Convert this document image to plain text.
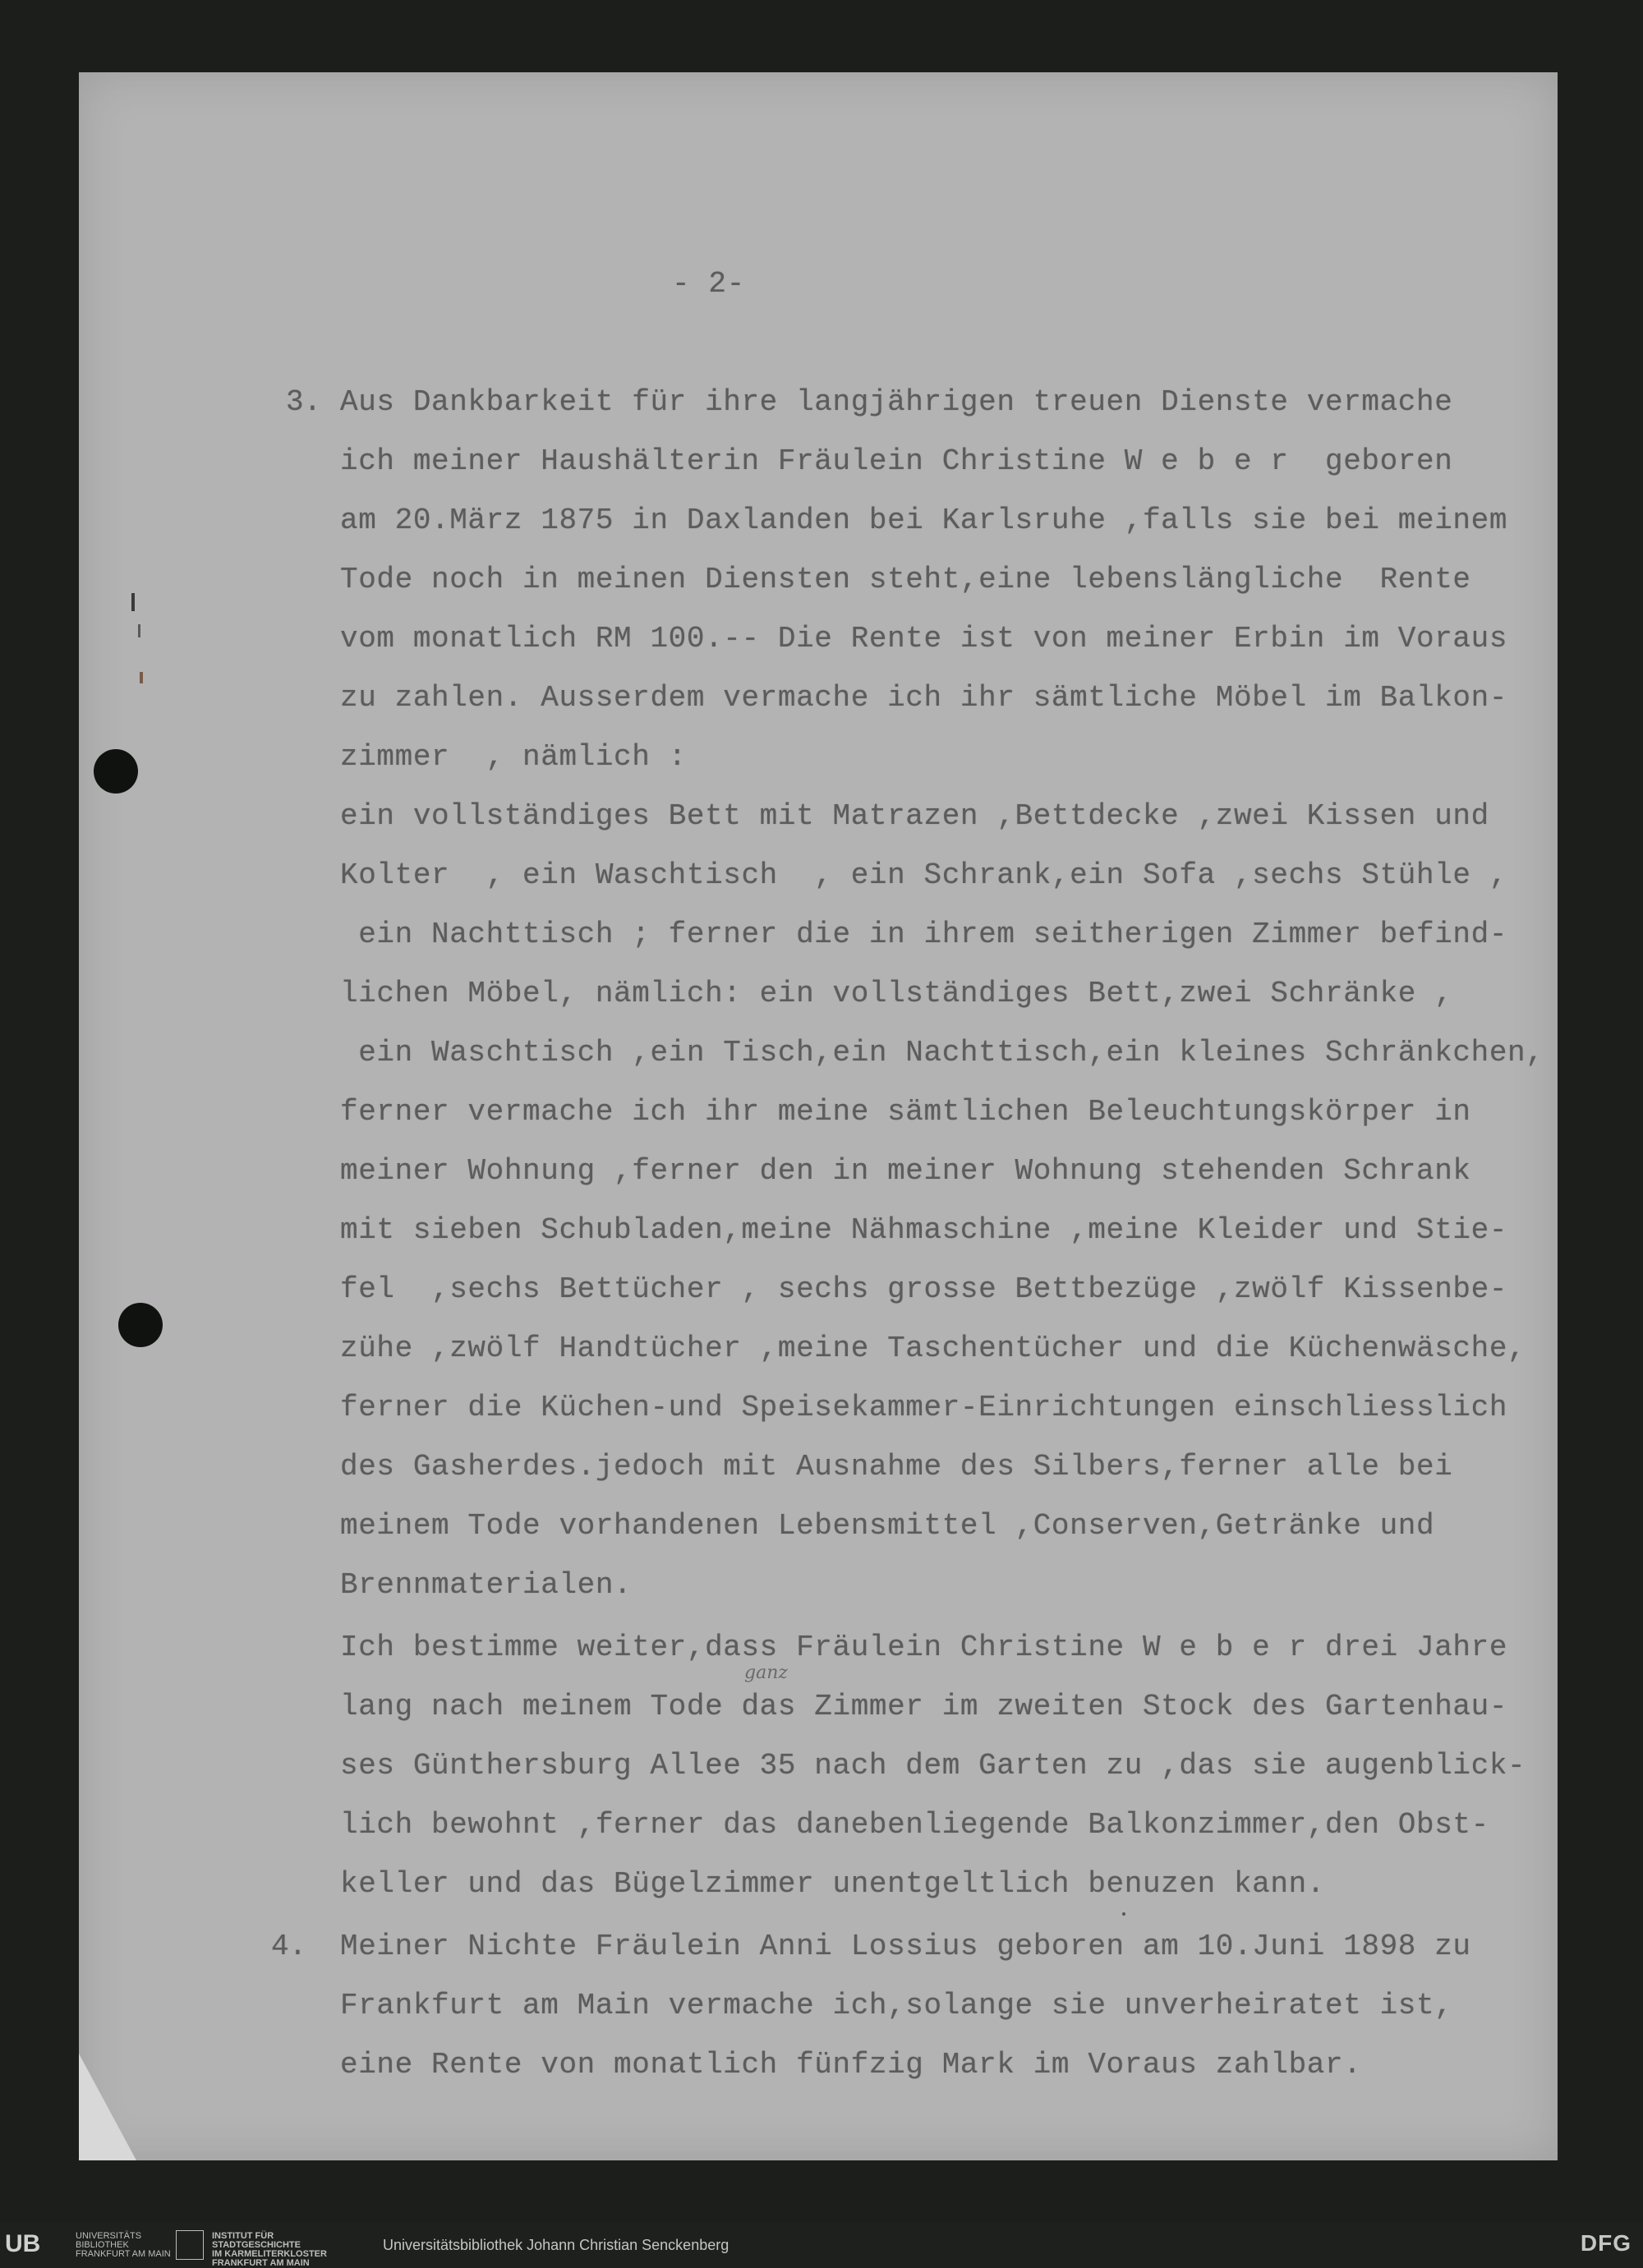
- 2-
3.
4.
Aus Dankbarkeit für ihre langjährigen treuen Dienste vermache
ich meiner Haushälterin Fräulein Christine W e b e r  geboren
am 20.März 1875 in Daxlanden bei Karlsruhe ,falls sie bei meinem
Tode noch in meinen Diensten steht,eine lebenslängliche  Rente
vom monatlich RM 100.-- Die Rente ist von meiner Erbin im Voraus
zu zahlen. Ausserdem vermache ich ihr sämtliche Möbel im Balkon-
zimmer  , nämlich :
ein vollständiges Bett mit Matrazen ,Bettdecke ,zwei Kissen und
Kolter  , ein Waschtisch  , ein Schrank,ein Sofa ,sechs Stühle ,
ein Nachttisch ; ferner die in ihrem seitherigen Zimmer befind-
lichen Möbel, nämlich: ein vollständiges Bett,zwei Schränke ,
ein Waschtisch ,ein Tisch,ein Nachttisch,ein kleines Schränkchen,
ferner vermache ich ihr meine sämtlichen Beleuchtungskörper in
meiner Wohnung ,ferner den in meiner Wohnung stehenden Schrank
mit sieben Schubladen,meine Nähmaschine ,meine Kleider und Stie-
fel  ,sechs Bettücher , sechs grosse Bettbezüge ,zwölf Kissenbe-
zühe ,zwölf Handtücher ,meine Taschentücher und die Küchenwäsche,
ferner die Küchen-und Speisekammer-Einrichtungen einschliesslich
des Gasherdes.jedoch mit Ausnahme des Silbers,ferner alle bei
meinem Tode vorhandenen Lebensmittel ,Conserven,Getränke und
Brennmaterialen.
Ich bestimme weiter,dass Fräulein Christine W e b e r drei Jahre
lang nach meinem Tode das Zimmer im zweiten Stock des Gartenhau-
ses Günthersburg Allee 35 nach dem Garten zu ,das sie augenblick-
lich bewohnt ,ferner das danebenliegende Balkonzimmer,den Obst-
keller und das Bügelzimmer unentgeltlich benuzen kann.
Meiner Nichte Fräulein Anni Lossius geboren am 10.Juni 1898 zu
Frankfurt am Main vermache ich,solange sie unverheiratet ist,
eine Rente von monatlich fünfzig Mark im Voraus zahlbar.
ganz
UB	UNIVERSITÄTS
BIBLIOTHEK
FRANKFURT AM MAIN
INSTITUT FÜR
STADTGESCHICHTE
IM KARMELITERKLOSTER
FRANKFURT AM MAIN
Universitätsbibliothek Johann Christian Senckenberg	DFG
